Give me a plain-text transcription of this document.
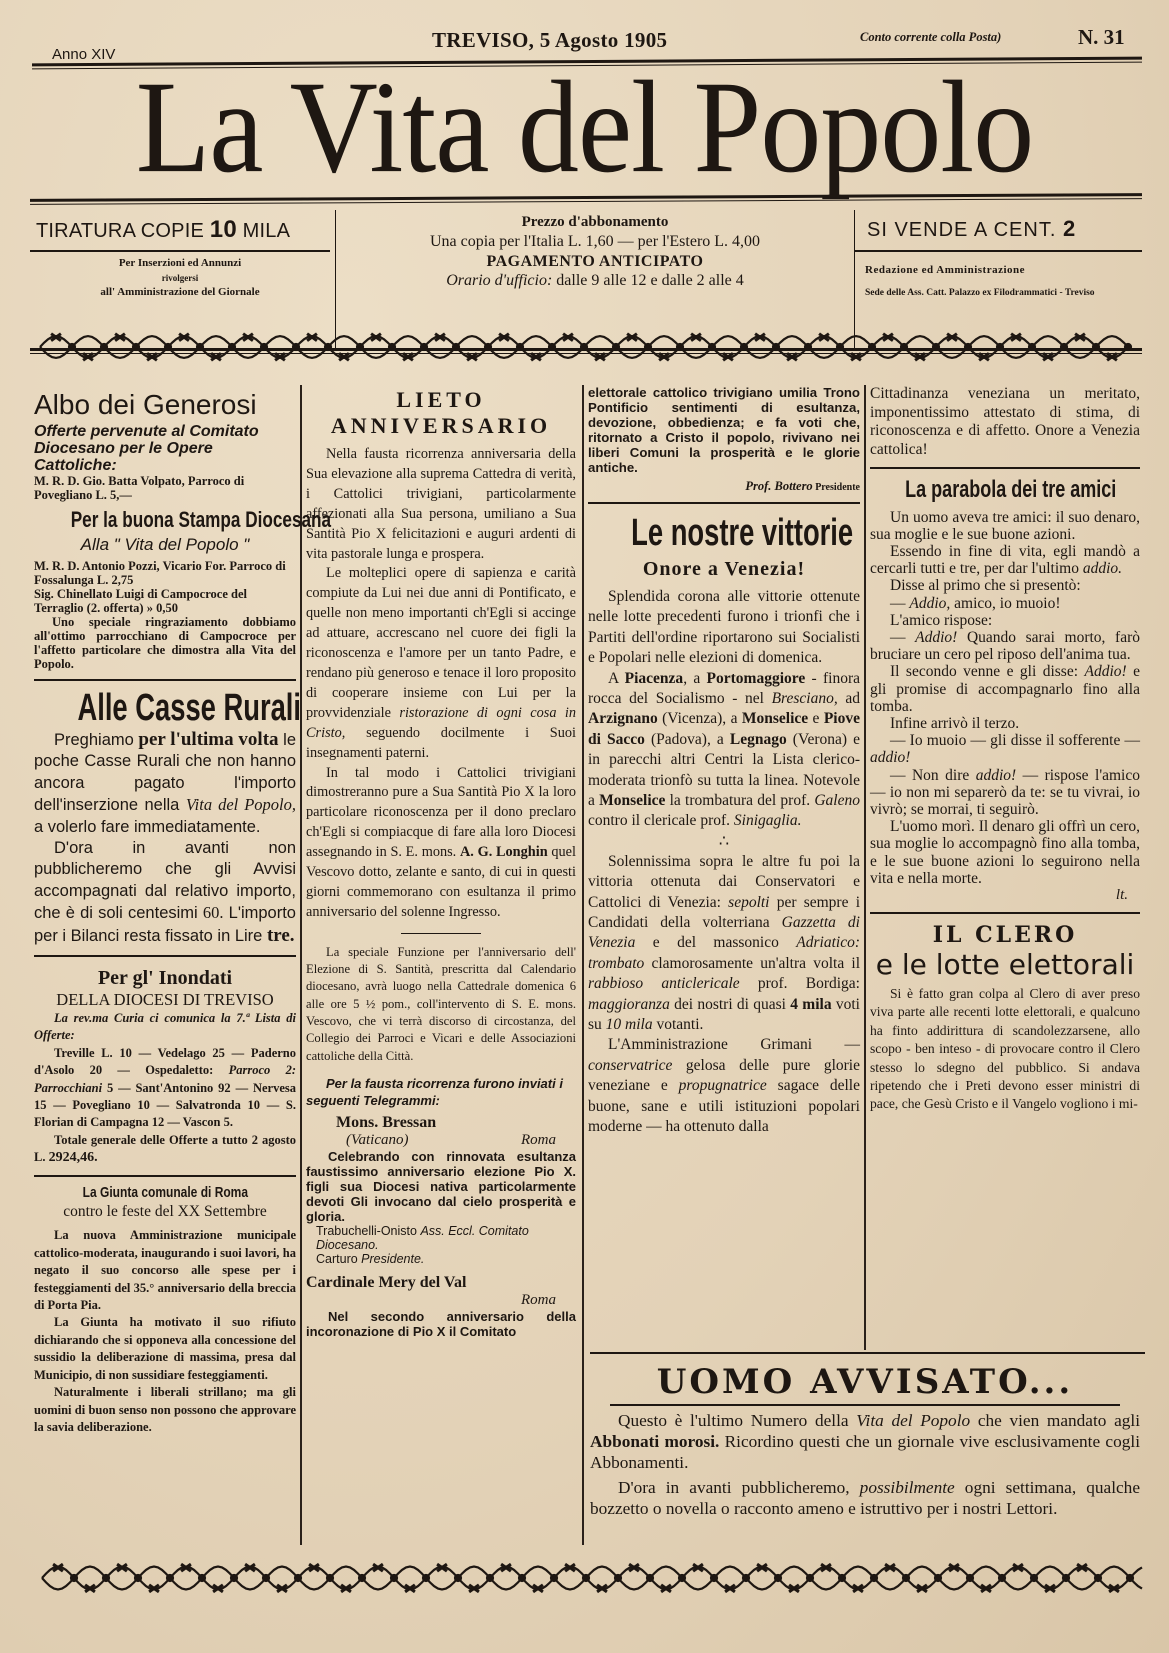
Anno XIV
TREVISO, 5 Agosto 1905	Conto corrente colla Posta)	N. 31
La Vita del Popolo
TIRATURA COPIE 10 MILA
Per Inserzioni ed Annunzi
rivolgersi
all' Amministrazione del Giornale
Prezzo d'abbonamento
Una copia per l'Italia L. 1,60 — per l'Estero L. 4,00
PAGAMENTO ANTICIPATO
Orario d'ufficio: dalle 9 alle 12 e dalle 2 alle 4
SI VENDE A CENT. 2
Redazione ed Amministrazione
Sede delle Ass. Catt. Palazzo ex Filodrammatici - Treviso
Albo dei Generosi
Offerte pervenute al Comitato Diocesano per le Opere Cattoliche:
M. R. D. Gio. Batta Volpato, Parroco di Povegliano L. 5,—
Per la buona Stampa Diocesana
Alla " Vita del Popolo "
M. R. D. Antonio Pozzi, Vicario For. Parroco di Fossalunga L. 2,75
Sig. Chinellato Luigi di Campocroce del Terraglio (2. offerta) » 0,50
Uno speciale ringraziamento dobbiamo all'ottimo parrocchiano di Campocroce per l'affetto particolare che dimostra alla Vita del Popolo.
Alle Casse Rurali
Preghiamo per l'ultima volta le poche Casse Rurali che non hanno ancora pagato l'importo dell'inserzione nella Vita del Popolo, a volerlo fare immediatamente.
D'ora in avanti non pubblicheremo che gli Avvisi accompagnati dal relativo importo, che è di soli centesimi 60. L'importo per i Bilanci resta fissato in Lire tre.
Per gl' Inondati
DELLA DIOCESI DI TREVISO
La rev.ma Curia ci comunica la 7.ª Lista di Offerte:
Treville L. 10 — Vedelago 25 — Paderno d'Asolo 20 — Ospedaletto: Parroco 2: Parrocchiani 5 — Sant'Antonino 92 — Nervesa 15 — Povegliano 10 — Salvatronda 10 — S. Florian di Campagna 12 — Vascon 5.
Totale generale delle Offerte a tutto 2 agosto L. 2924,46.
La Giunta comunale di Roma
contro le feste del XX Settembre
La nuova Amministrazione municipale cattolico-moderata, inaugurando i suoi lavori, ha negato il suo concorso alle spese per i festeggiamenti del 35.° anniversario della breccia di Porta Pia.
La Giunta ha motivato il suo rifiuto dichiarando che si opponeva alla concessione del sussidio la deliberazione di massima, presa dal Municipio, di non sussidiare festeggiamenti.
Naturalmente i liberali strillano; ma gli uomini di buon senso non possono che approvare la savia deliberazione.
LIETO ANNIVERSARIO
Nella fausta ricorrenza anniversaria della Sua elevazione alla suprema Cattedra di verità, i Cattolici trivigiani, particolarmente affezionati alla Sua persona, umiliano a Sua Santità Pio X felicitazioni e auguri ardenti di vita pastorale lunga e prospera.
Le molteplici opere di sapienza e carità compiute da Lui nei due anni di Pontificato, e quelle non meno importanti ch'Egli si accinge ad attuare, accrescano nel cuore dei figli la riconoscenza e l'amore per un tanto Padre, e rendano più generoso e tenace il loro proposito di cooperare insieme con Lui per la provvidenziale ristorazione di ogni cosa in Cristo, seguendo docilmente i Suoi insegnamenti paterni.
In tal modo i Cattolici trivigiani dimostreranno pure a Sua Santità Pio X la loro particolare riconoscenza per il dono preclaro ch'Egli si compiacque di fare alla loro Diocesi assegnando in S. E. mons. A. G. Longhin quel Vescovo dotto, zelante e santo, di cui in questi giorni commemorano con esultanza il primo anniversario del solenne Ingresso.
La speciale Funzione per l'anniversario dell' Elezione di S. Santità, prescritta dal Calendario diocesano, avrà luogo nella Cattedrale domenica 6 alle ore 5 ½ pom., coll'intervento di S. E. mons. Vescovo, che vi terrà discorso di circostanza, del Collegio dei Parroci e Vicari e delle Associazioni cattoliche della Città.
Per la fausta ricorrenza furono inviati i seguenti Telegrammi:
Mons. Bressan
(Vaticano)	Roma
Celebrando con rinnovata esultanza faustissimo anniversario elezione Pio X. figli sua Diocesi nativa particolarmente devoti Gli invocano dal cielo prosperità e gloria.
Trabuchelli-Onisto Ass. Eccl. Comitato Diocesano.
Carturo Presidente.
Cardinale Mery del Val
Roma
Nel secondo anniversario della incoronazione di Pio X il Comitato
elettorale cattolico trivigiano umilia Trono Pontificio sentimenti di esultanza, devozione, obbedienza; e fa voti che, ritornato a Cristo il popolo, rivivano nei liberi Comuni la prosperità e le glorie antiche.
Prof. Bottero Presidente
Le nostre vittorie
Onore a Venezia!
Splendida corona alle vittorie ottenute nelle lotte precedenti furono i trionfi che i Partiti dell'ordine riportarono sui Socialisti e Popolari nelle elezioni di domenica.
A Piacenza, a Portomaggiore - finora rocca del Socialismo - nel Bresciano, ad Arzignano (Vicenza), a Monselice e Piove di Sacco (Padova), a Legnago (Verona) e in parecchi altri Centri la Lista clerico-moderata trionfò su tutta la linea. Notevole a Monselice la trombatura del prof. Galeno contro il clericale prof. Sinigaglia.
∴
Solennissima sopra le altre fu poi la vittoria ottenuta dai Conservatori e Cattolici di Venezia: sepolti per sempre i Candidati della volterriana Gazzetta di Venezia e del massonico Adriatico: trombato clamorosamente un'altra volta il rabbioso anticlericale prof. Bordiga: maggioranza dei nostri di quasi 4 mila voti su 10 mila votanti.
L'Amministrazione Grimani — conservatrice gelosa delle pure glorie veneziane e propugnatrice sagace delle buone, sane e utili istituzioni popolari moderne — ha ottenuto dalla
Cittadinanza veneziana un meritato, imponentissimo attestato di stima, di riconoscenza e di affetto. Onore a Venezia cattolica!
La parabola dei tre amici
Un uomo aveva tre amici: il suo denaro, sua moglie e le sue buone azioni.
Essendo in fine di vita, egli mandò a cercarli tutti e tre, per dar l'ultimo addio.
Disse al primo che si presentò:
— Addio, amico, io muoio!
L'amico rispose:
— Addio! Quando sarai morto, farò bruciare un cero pel riposo dell'anima tua.
Il secondo venne e gli disse: Addio! e gli promise di accompagnarlo fino alla tomba.
Infine arrivò il terzo.
— Io muoio — gli disse il sofferente — addio!
— Non dire addio! — rispose l'amico — io non mi separerò da te: se tu vivrai, io vivrò; se morrai, ti seguirò.
L'uomo morì. Il denaro gli offrì un cero, sua moglie lo accompagnò fino alla tomba, e le sue buone azioni lo seguirono nella vita e nella morte.
lt.
IL CLERO
e le lotte elettorali
Si è fatto gran colpa al Clero di aver preso viva parte alle recenti lotte elettorali, e qualcuno ha finto addirittura di scandolezzarsene, allo scopo - ben inteso - di provocare contro il Clero stesso lo sdegno del pubblico. Si andava ripetendo che i Preti devono esser ministri di pace, che Gesù Cristo e il Vangelo vogliono i mi-
UOMO AVVISATO...
Questo è l'ultimo Numero della Vita del Popolo che vien mandato agli Abbonati morosi. Ricordino questi che un giornale vive esclusivamente cogli Abbonamenti.
D'ora in avanti pubblicheremo, possibilmente ogni settimana, qualche bozzetto o novella o racconto ameno e istruttivo per i nostri Lettori.
